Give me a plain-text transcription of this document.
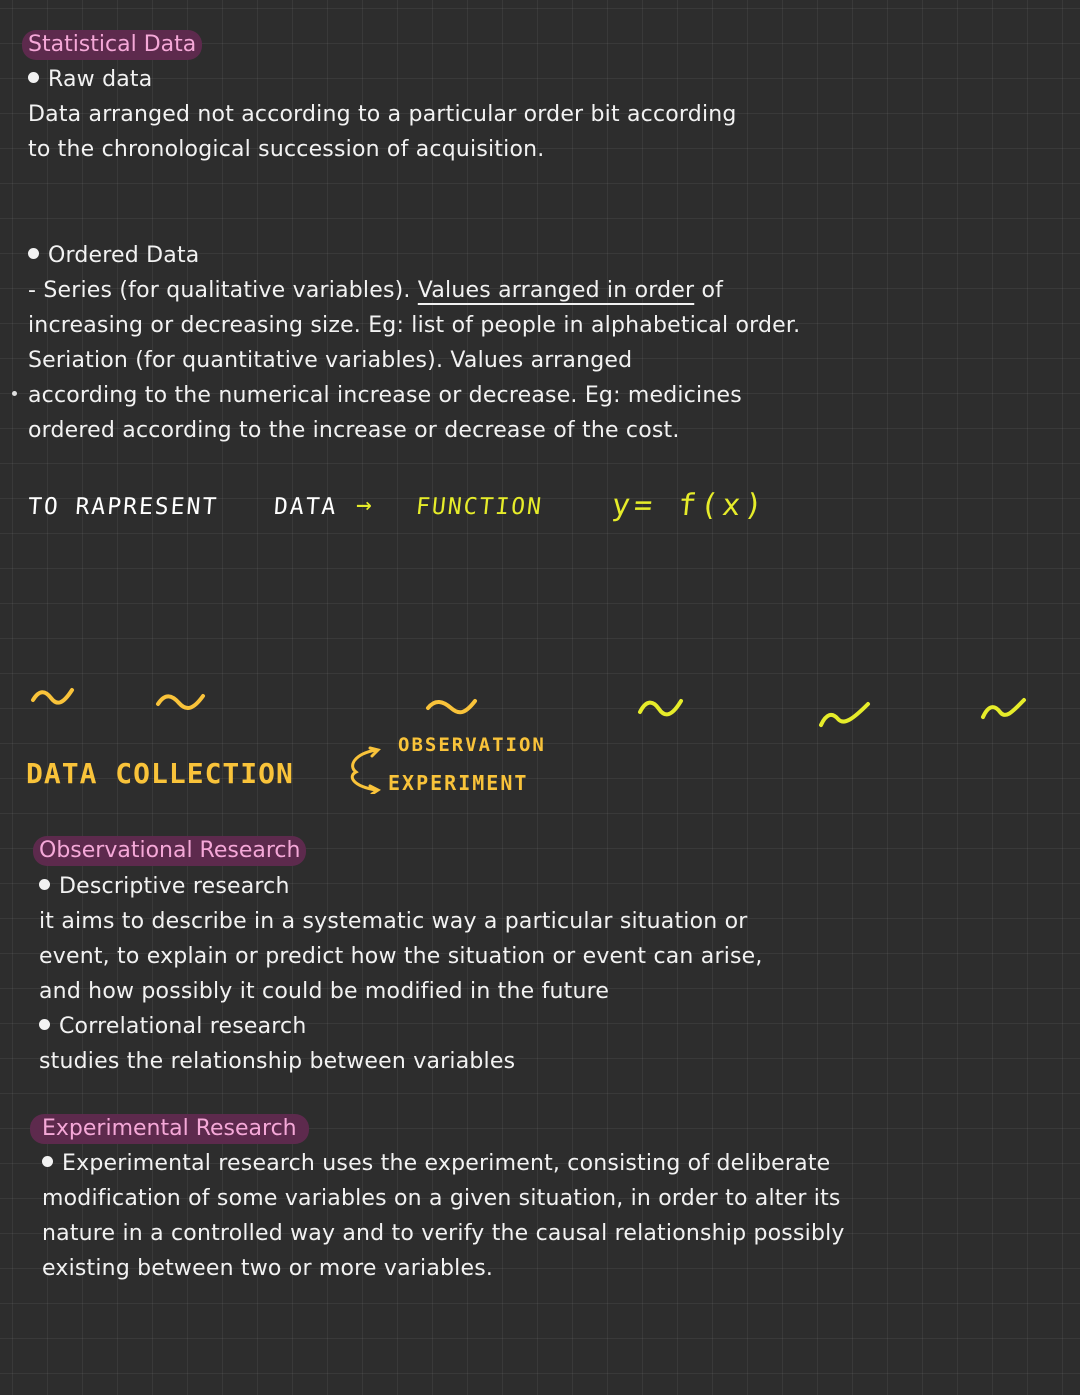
Statistical Data
Raw data
Data arranged not according to a particular order bit according
to the chronological succession of acquisition.
Ordered Data
- Series (for qualitative variables). Values arranged in order of
increasing or decreasing size. Eg: list of people in alphabetical order.
Seriation (for quantitative variables). Values arranged
according to the numerical increase or decrease. Eg: medicines
ordered according to the increase or decrease of the cost.
TO RAPRESENT DATA → FUNCTION y= f(x)
DATA COLLECTION
OBSERVATION
EXPERIMENT
Observational Research
Descriptive research
it aims to describe in a systematic way a particular situation or
event, to explain or predict how the situation or event can arise,
and how possibly it could be modified in the future
Correlational research
studies the relationship between variables
Experimental Research
Experimental research uses the experiment, consisting of deliberate
modification of some variables on a given situation, in order to alter its
nature in a controlled way and to verify the causal relationship possibly
existing between two or more variables.
